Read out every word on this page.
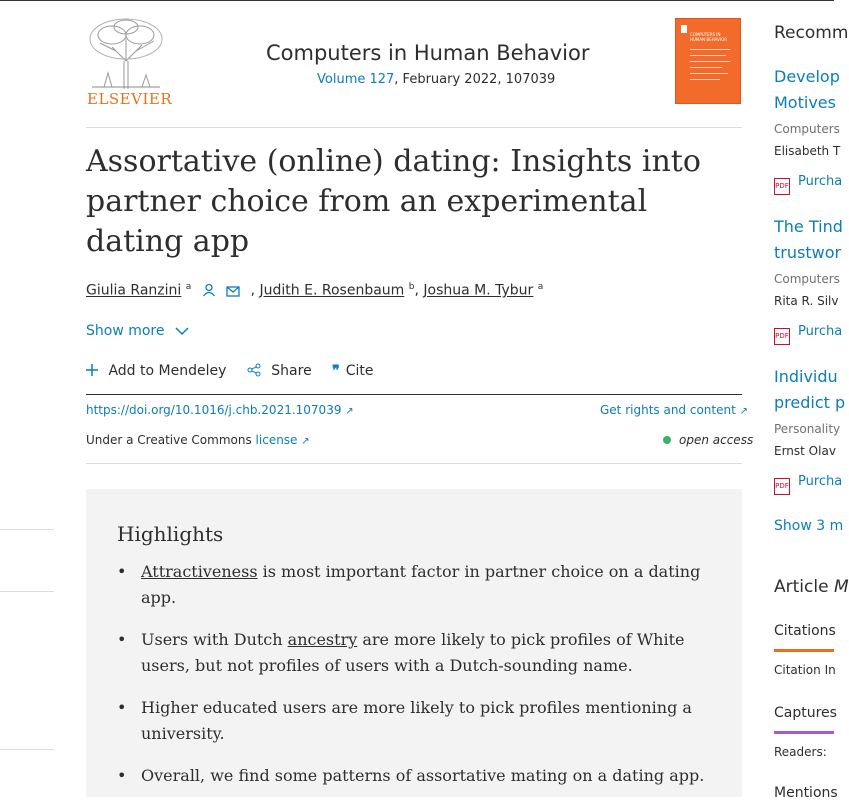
ELSEVIER
Computers in Human Behavior
Volume 127, February 2022, 107039
COMPUTERS IN HUMAN BEHAVIOR
Assortative (online) dating: Insights into partner choice from an experimental dating app
Giulia Ranzini $^a$	, Judith E. Rosenbaum $^b$, Joshua M. Tybur $^a$
Show more
Add to Mendeley	Share ❞ Cite
https://doi.org/10.1016/j.chb.2021.107039 ↗	Get rights and content ↗
Under a Creative Commons license ↗	open access
Highlights
• Attractiveness is most important factor in partner choice on a dating app.
• Users with Dutch ancestry are more likely to pick profiles of White users, but not profiles of users with a Dutch-sounding name.
• Higher educated users are more likely to pick profiles mentioning a university.
• Overall, we find some patterns of assortative mating on a dating app.
Recomm
Develop
Motives
Computers
Elisabeth T
PDF Purcha
The Tind
trustwor
Computers
Rita R. Silv
PDF Purcha
Individu
predict p
Personality
Ernst Olav
PDF Purcha
Show 3 m
Article M
Citations
Citation In
Captures
Readers:
Mentions
